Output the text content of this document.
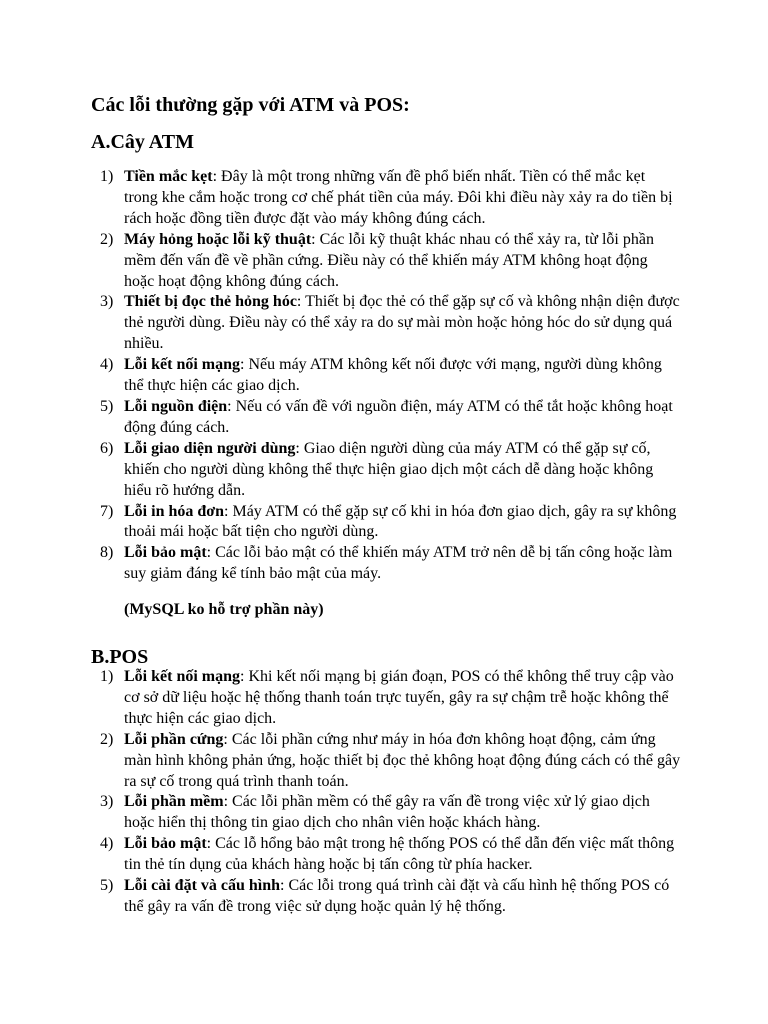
Các lỗi thường gặp với ATM và POS:
A.Cây ATM
1) Tiền mắc kẹt: Đây là một trong những vấn đề phổ biến nhất. Tiền có thể mắc kẹt trong khe cắm hoặc trong cơ chế phát tiền của máy. Đôi khi điều này xảy ra do tiền bị rách hoặc đồng tiền được đặt vào máy không đúng cách.
2) Máy hỏng hoặc lỗi kỹ thuật: Các lỗi kỹ thuật khác nhau có thể xảy ra, từ lỗi phần mềm đến vấn đề về phần cứng. Điều này có thể khiến máy ATM không hoạt động hoặc hoạt động không đúng cách.
3) Thiết bị đọc thẻ hỏng hóc: Thiết bị đọc thẻ có thể gặp sự cố và không nhận diện được thẻ người dùng. Điều này có thể xảy ra do sự mài mòn hoặc hỏng hóc do sử dụng quá nhiều.
4) Lỗi kết nối mạng: Nếu máy ATM không kết nối được với mạng, người dùng không thể thực hiện các giao dịch.
5) Lỗi nguồn điện: Nếu có vấn đề với nguồn điện, máy ATM có thể tắt hoặc không hoạt động đúng cách.
6) Lỗi giao diện người dùng: Giao diện người dùng của máy ATM có thể gặp sự cố, khiến cho người dùng không thể thực hiện giao dịch một cách dễ dàng hoặc không hiểu rõ hướng dẫn.
7) Lỗi in hóa đơn: Máy ATM có thể gặp sự cố khi in hóa đơn giao dịch, gây ra sự không thoải mái hoặc bất tiện cho người dùng.
8) Lỗi bảo mật: Các lỗi bảo mật có thể khiến máy ATM trở nên dễ bị tấn công hoặc làm suy giảm đáng kể tính bảo mật của máy.

(MySQL ko hỗ trợ phần này)

B.POS
1) Lỗi kết nối mạng: Khi kết nối mạng bị gián đoạn, POS có thể không thể truy cập vào cơ sở dữ liệu hoặc hệ thống thanh toán trực tuyến, gây ra sự chậm trễ hoặc không thể thực hiện các giao dịch.
2) Lỗi phần cứng: Các lỗi phần cứng như máy in hóa đơn không hoạt động, cảm ứng màn hình không phản ứng, hoặc thiết bị đọc thẻ không hoạt động đúng cách có thể gây ra sự cố trong quá trình thanh toán.
3) Lỗi phần mềm: Các lỗi phần mềm có thể gây ra vấn đề trong việc xử lý giao dịch hoặc hiển thị thông tin giao dịch cho nhân viên hoặc khách hàng.
4) Lỗi bảo mật: Các lỗ hổng bảo mật trong hệ thống POS có thể dẫn đến việc mất thông tin thẻ tín dụng của khách hàng hoặc bị tấn công từ phía hacker.
5) Lỗi cài đặt và cấu hình: Các lỗi trong quá trình cài đặt và cấu hình hệ thống POS có thể gây ra vấn đề trong việc sử dụng hoặc quản lý hệ thống.
